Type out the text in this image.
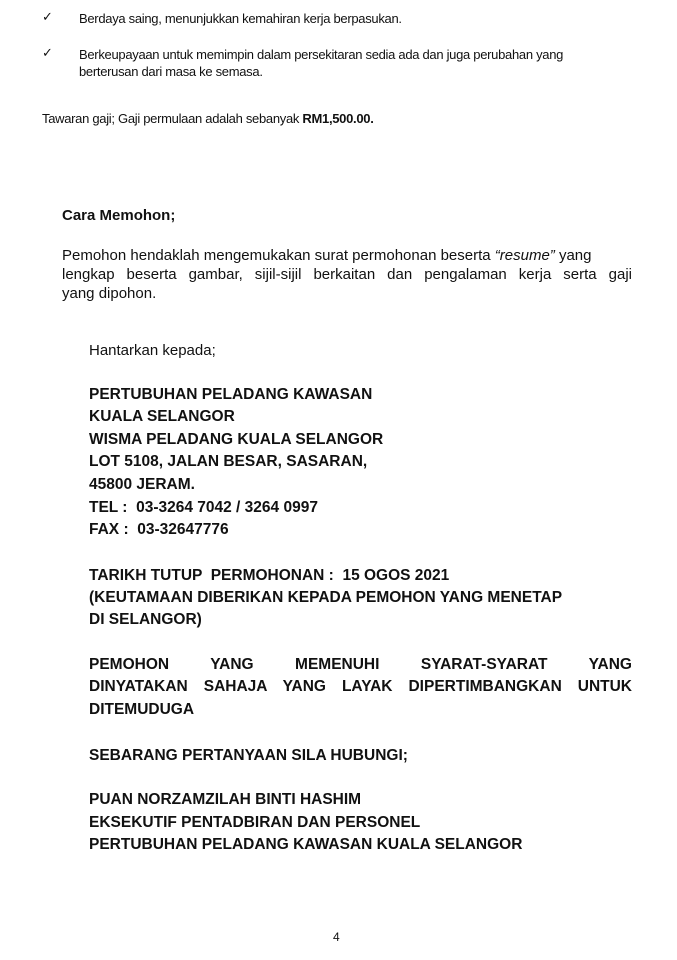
✓ Berdaya saing, menunjukkan kemahiran kerja berpasukan.
✓ Berkeupayaan untuk memimpin dalam persekitaran sedia ada dan juga perubahan yang
berterusan dari masa ke semasa.
Tawaran gaji; Gaji permulaan adalah sebanyak RM1,500.00.
Cara Memohon;
Pemohon hendaklah mengemukakan surat permohonan beserta “resume” yang
lengkap beserta gambar, sijil-sijil berkaitan dan pengalaman kerja serta gaji
yang dipohon.
Hantarkan kepada;
PERTUBUHAN PELADANG KAWASAN
KUALA SELANGOR
WISMA PELADANG KUALA SELANGOR
LOT 5108, JALAN BESAR, SASARAN,
45800 JERAM.
TEL :  03-3264 7042 / 3264 0997
FAX :  03-32647776
TARIKH TUTUP  PERMOHONAN :  15 OGOS 2021
(KEUTAMAAN DIBERIKAN KEPADA PEMOHON YANG MENETAP
DI SELANGOR)
PEMOHON YANG MEMENUHI SYARAT-SYARAT YANG
DINYATAKAN SAHAJA YANG LAYAK DIPERTIMBANGKAN UNTUK
DITEMUDUGA
SEBARANG PERTANYAAN SILA HUBUNGI;
PUAN NORZAMZILAH BINTI HASHIM
EKSEKUTIF PENTADBIRAN DAN PERSONEL
PERTUBUHAN PELADANG KAWASAN KUALA SELANGOR
4
